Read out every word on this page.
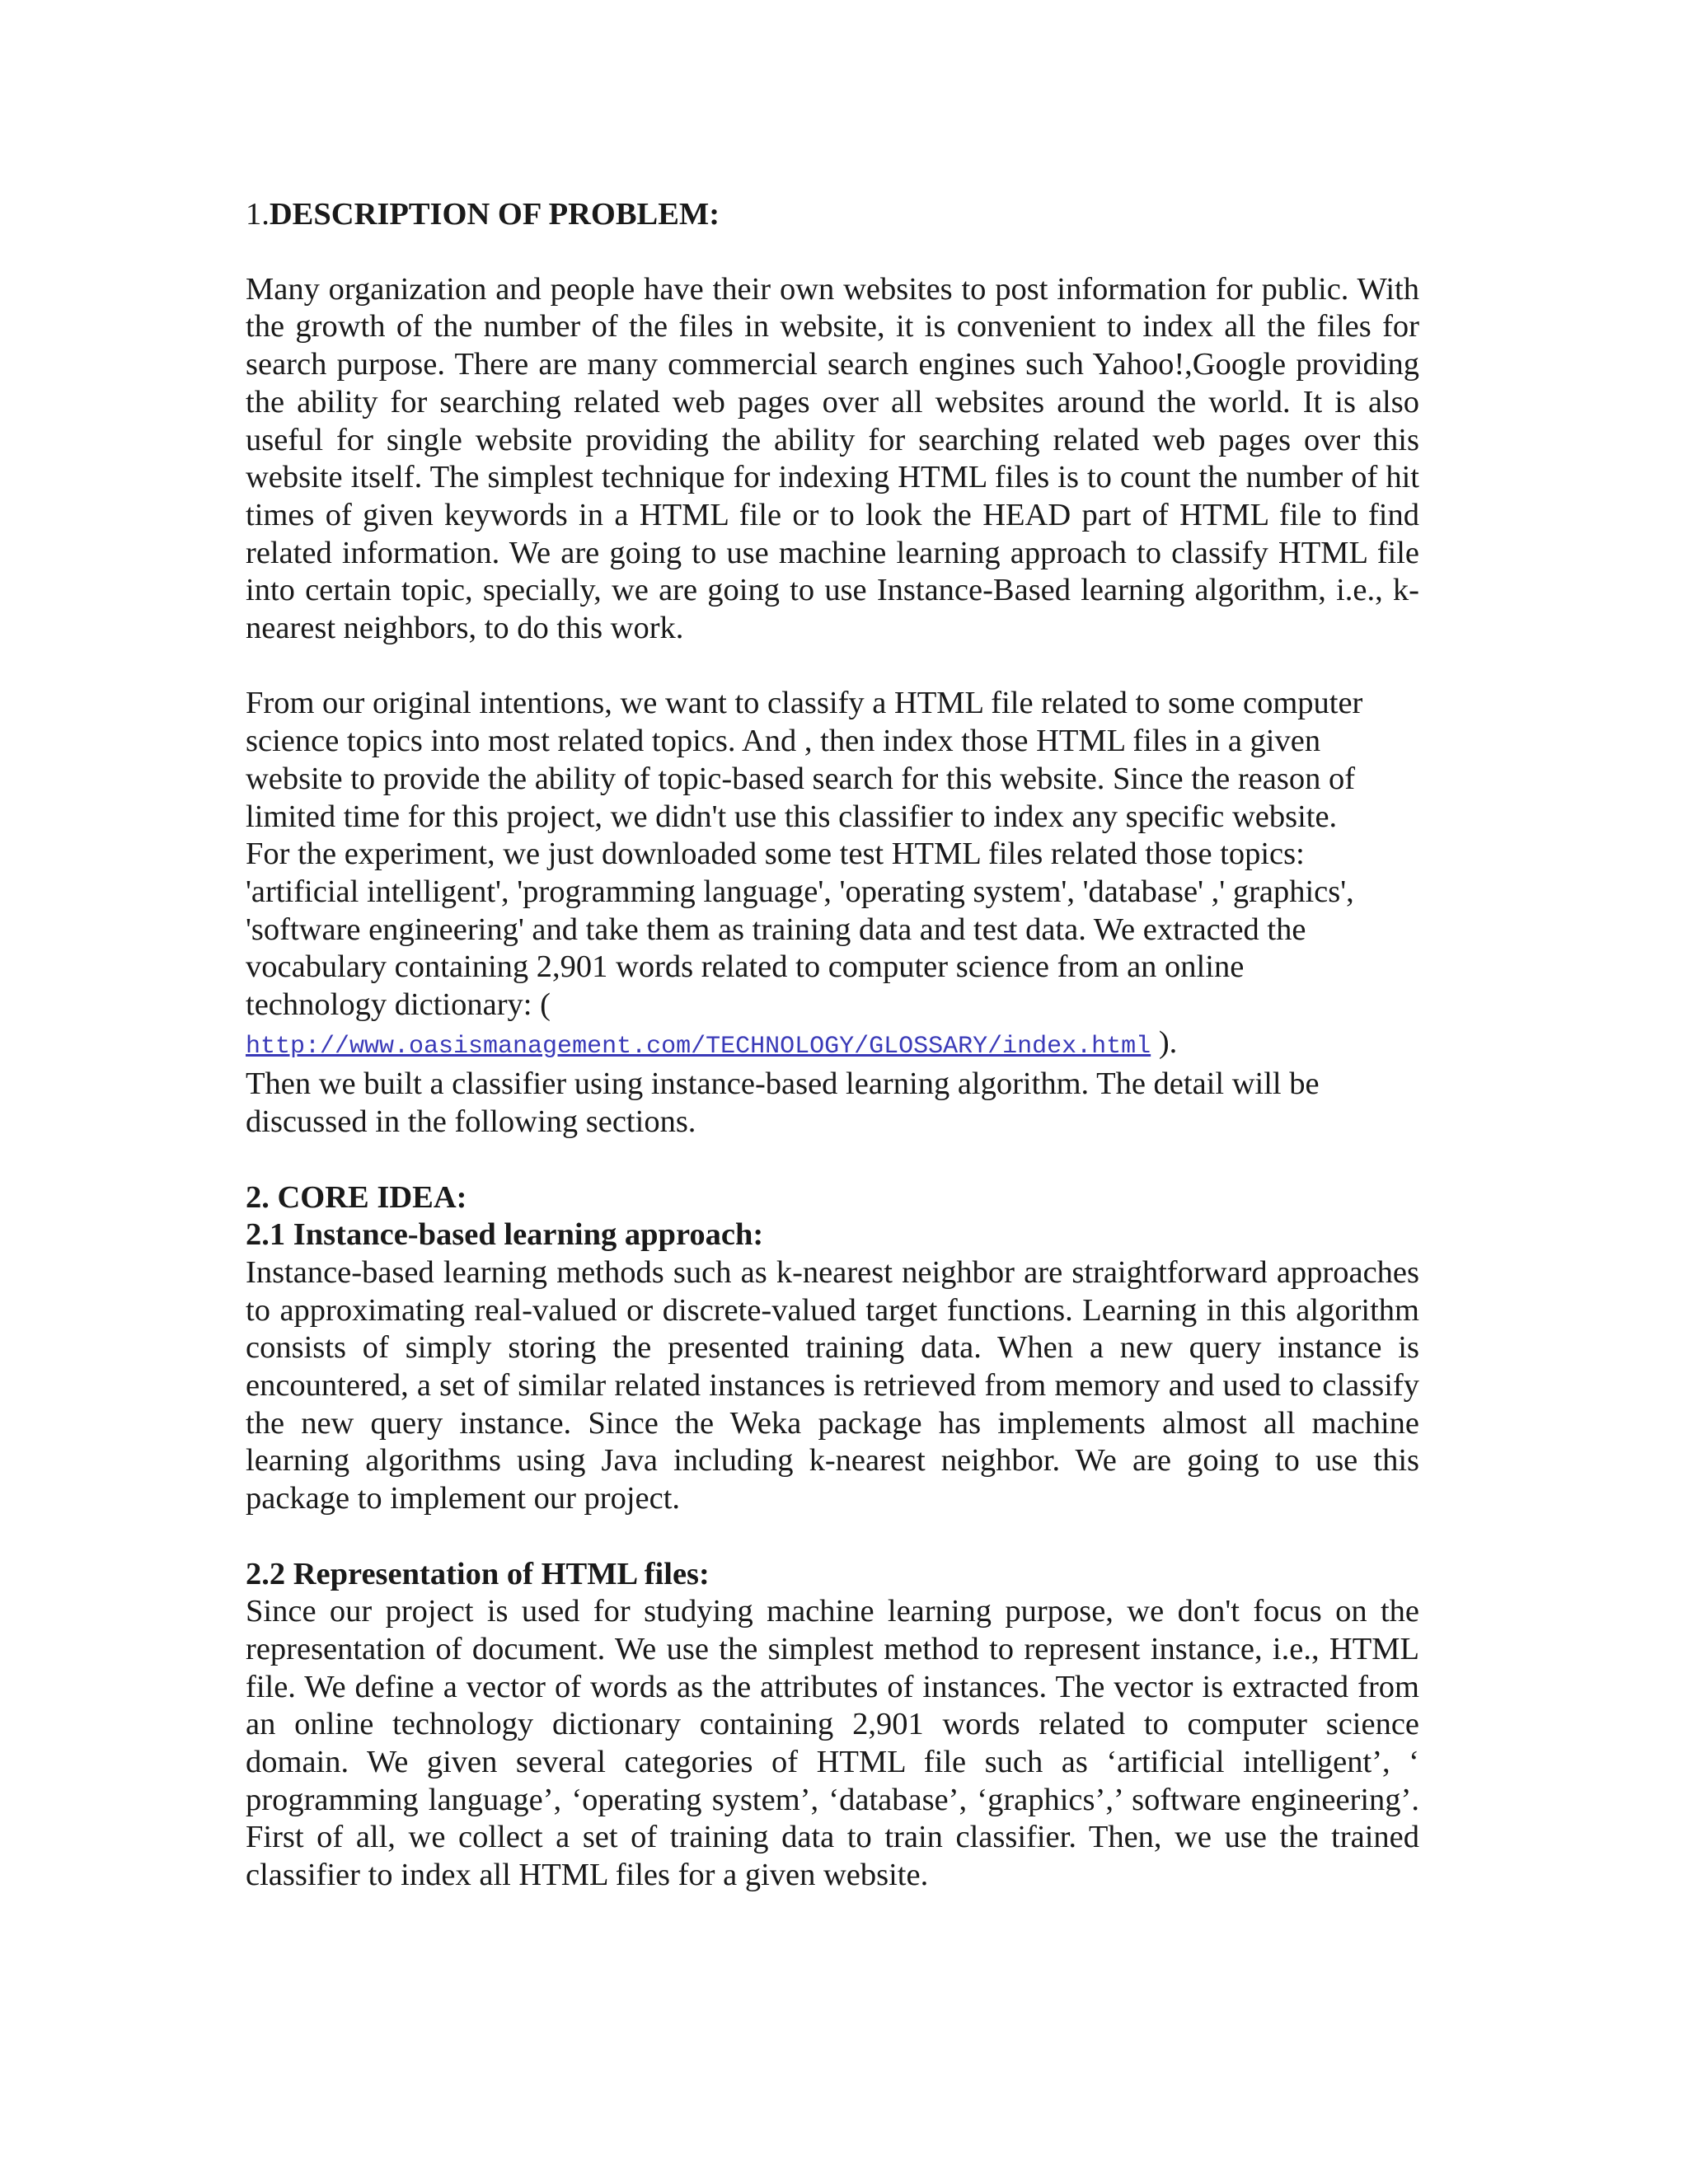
1.DESCRIPTION OF PROBLEM:

Many organization and people have their own websites to post information for public. With the growth of the number of the files in website, it is convenient to index all the files for search purpose. There are many commercial search engines such Yahoo!,Google providing the ability for searching related web pages over all websites around the world. It is also useful for single website providing the ability for searching related web pages over this website itself. The simplest technique for indexing HTML files is to count the number of hit times of given keywords in a HTML file or to look the HEAD part of HTML file to find related information. We are going to use machine learning approach to classify HTML file into certain topic, specially, we are going to use Instance-Based learning algorithm, i.e., k-nearest neighbors, to do this work.

From our original intentions, we want to classify a HTML file related to some computer
science topics into most related topics. And , then index those HTML files in a given
website to provide the ability of topic-based search for this website. Since the reason of
limited time for this project, we didn't use this classifier to index any specific website.
For the experiment, we just downloaded some test HTML files related those topics:
'artificial intelligent', 'programming language', 'operating system', 'database' ,' graphics',
'software engineering' and take them as training data and test data. We extracted the
vocabulary containing 2,901 words related to computer science from an online
technology dictionary: (
http://www.oasismanagement.com/TECHNOLOGY/GLOSSARY/index.html ).
Then we built a classifier using instance-based learning algorithm. The detail will be
discussed in the following sections.

2. CORE IDEA:

2.1 Instance-based learning approach:

Instance-based learning methods such as k-nearest neighbor are straightforward approaches to approximating real-valued or discrete-valued target functions. Learning in this algorithm consists of simply storing the presented training data. When a new query instance is encountered, a set of similar related instances is retrieved from memory and used to classify the new query instance. Since the Weka package has implements almost all machine learning algorithms using Java including k-nearest neighbor. We are going to use this package to implement our project.

2.2 Representation of HTML files:

Since our project is used for studying machine learning purpose, we don't focus on the representation of document. We use the simplest method to represent instance, i.e., HTML file. We define a vector of words as the attributes of instances. The vector is extracted from an online technology dictionary containing 2,901 words related to computer science domain. We given several categories of HTML file such as ‘artificial intelligent’, ‘ programming language’, ‘operating system’, ‘database’, ‘graphics’,’ software engineering’. First of all, we collect a set of training data to train classifier. Then, we use the trained classifier to index all HTML files for a given website.
